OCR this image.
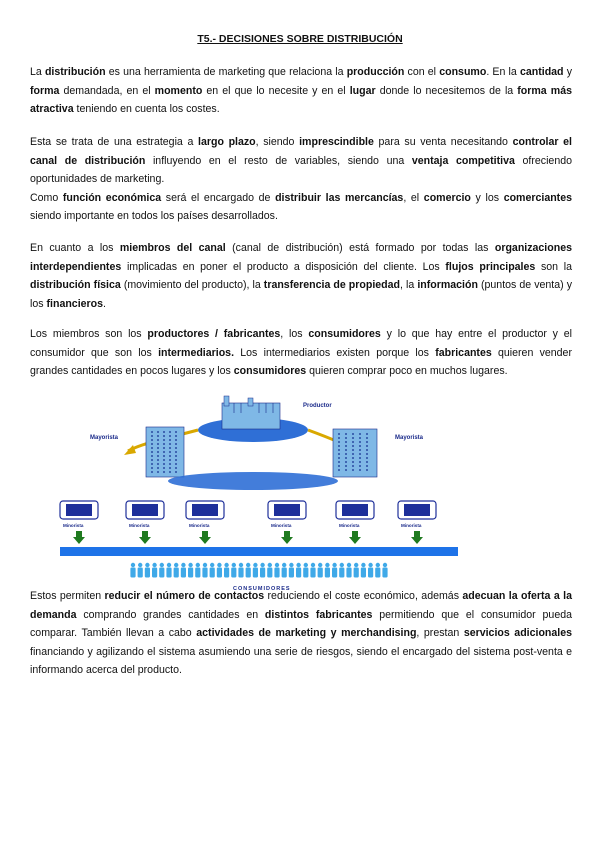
T5.- DECISIONES SOBRE DISTRIBUCIÓN

La distribución es una herramienta de marketing que relaciona la producción con el consumo. En la cantidad y forma demandada, en el momento en el que lo necesite y en el lugar donde lo necesitemos de la forma más atractiva teniendo en cuenta los costes.

Esta se trata de una estrategia a largo plazo, siendo imprescindible para su venta necesitando controlar el canal de distribución influyendo en el resto de variables, siendo una ventaja competitiva ofreciendo oportunidades de marketing.
Como función económica será el encargado de distribuir las mercancías, el comercio y los comerciantes siendo importante en todos los países desarrollados.

En cuanto a los miembros del canal (canal de distribución) está formado por todas las organizaciones interdependientes implicadas en poner el producto a disposición del cliente. Los flujos principales son la distribución física (movimiento del producto), la transferencia de propiedad, la información (puntos de venta) y los financieros.

Los miembros son los productores / fabricantes, los consumidores y lo que hay entre el productor y el consumidor que son los intermediarios. Los intermediarios existen porque los fabricantes quieren vender grandes cantidades en pocos lugares y los consumidores quieren comprar poco en muchos lugares.

Productor
Mayorista	Mayorista
Minorista	Minorista	Minorista	Minorista	Minorista	Minorista
CONSUMIDORES

Estos permiten reducir el número de contactos reduciendo el coste económico, además adecuan la oferta a la demanda comprando grandes cantidades en distintos fabricantes permitiendo que el consumidor pueda comparar. También llevan a cabo actividades de marketing y merchandising, prestan servicios adicionales financiando y agilizando el sistema asumiendo una serie de riesgos, siendo el encargado del sistema post-venta e informando acerca del producto.
